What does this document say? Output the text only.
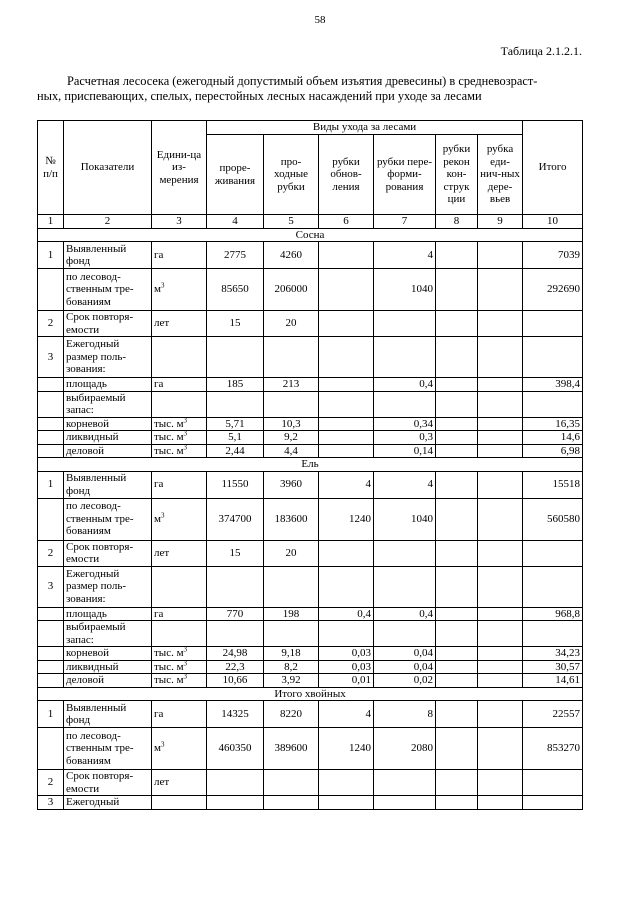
58
Таблица 2.1.2.1.
Расчетная лесосека (ежегодный допустимый объем изъятия древесины) в средневозраст-
ных, приспевающих, спелых, перестойных лесных насаждений при уходе за лесами
№ п/п	Показатели	Едини-ца из-мерения	Виды ухода за лесами						Итого
			проре-живания	про-ходные рубки	рубки обнов-ления	рубки пере-форми-рования	рубки рекон кон-струк ции	рубка еди-нич-ных дере-вьев	
1	2	3	4	5	6	7	8	9	10
Сосна									
1	Выявленный фонд	га	2775	4260		4			7039
	по лесовод-ственным тре-бованиям	$м^3$	85650	206000		1040			292690
2	Срок повторя-емости	лет	15	20					
3	Ежегодный размер поль-зования:								
	площадь	га	185	213		0,4			398,4
	выбираемый запас:								
	корневой	тыс. $м^3$	5,71	10,3		0,34			16,35
	ликвидный	тыс. $м^3$	5,1	9,2		0,3			14,6
	деловой	тыс. $м^3$	2,44	4,4		0,14			6,98
Ель									
1	Выявленный фонд	га	11550	3960	4	4			15518
	по лесовод-ственным тре-бованиям	$м^3$	374700	183600	1240	1040			560580
2	Срок повторя-емости	лет	15	20					
3	Ежегодный размер поль-зования:								
	площадь	га	770	198	0,4	0,4			968,8
	выбираемый запас:								
	корневой	тыс. $м^3$	24,98	9,18	0,03	0,04			34,23
	ликвидный	тыс. $м^3$	22,3	8,2	0,03	0,04			30,57
	деловой	тыс. $м^3$	10,66	3,92	0,01	0,02			14,61
Итого хвойных									
1	Выявленный фонд	га	14325	8220	4	8			22557
	по лесовод-ственным тре-бованиям	$м^3$	460350	389600	1240	2080			853270
2	Срок повторя-емости	лет							
3	Ежегодный								
